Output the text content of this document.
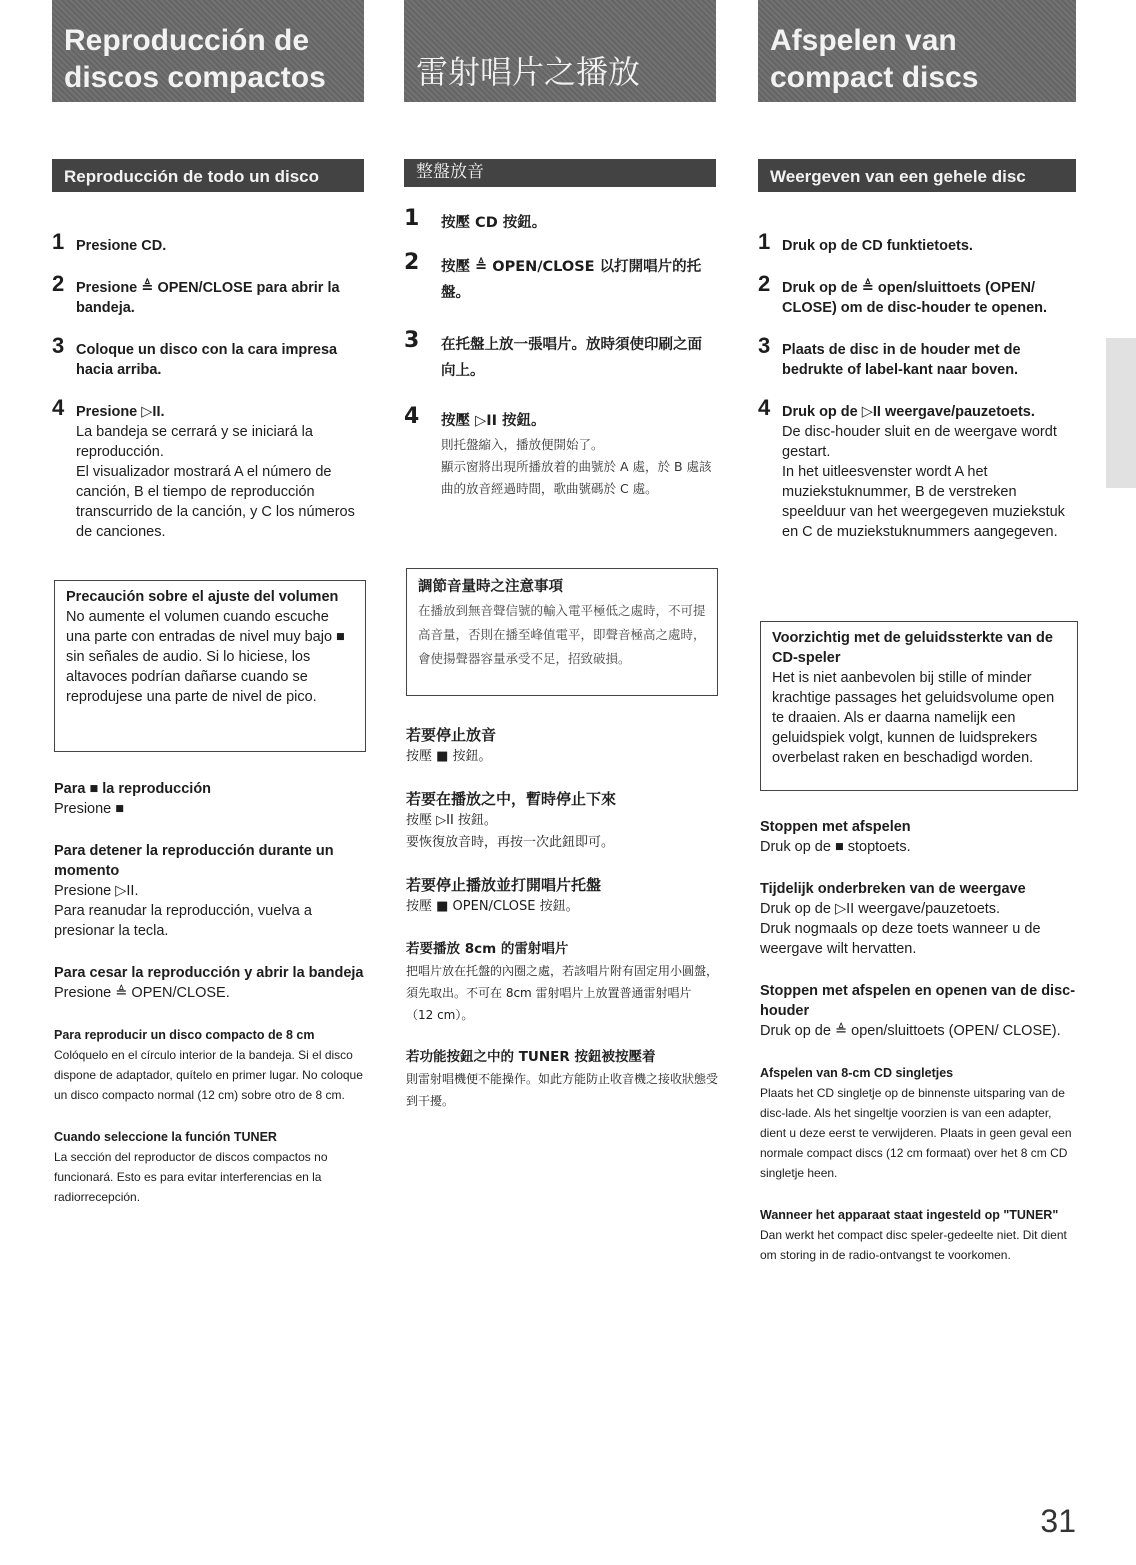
Reproducción de discos compactos
Reproducción de todo un disco
1 Presione CD.
2 Presione ≜ OPEN/CLOSE para abrir la bandeja.
3 Coloque un disco con la cara impresa hacia arriba.
4 Presione ▷II.
La bandeja se cerrará y se iniciará la reproducción.
El visualizador mostrará A el número de canción, B el tiempo de reproducción transcurrido de la canción, y C los números de canciones.
Precaución sobre el ajuste del volumen
No aumente el volumen cuando escuche una parte con entradas de nivel muy bajo ■ sin señales de audio. Si lo hiciese, los altavoces podrían dañarse cuando se reprodujese una parte de nivel de pico.
Para ■ la reproducción
Presione ■
Para detener la reproducción durante un momento
Presione ▷II.
Para reanudar la reproducción, vuelva a presionar la tecla.
Para cesar la reproducción y abrir la bandeja
Presione ≜ OPEN/CLOSE.
Para reproducir un disco compacto de 8 cm
Colóquelo en el círculo interior de la bandeja. Si el disco dispone de adaptador, quítelo en primer lugar. No coloque un disco compacto normal (12 cm) sobre otro de 8 cm.
Cuando seleccione la función TUNER
La sección del reproductor de discos compactos no funcionará. Esto es para evitar interferencias en la radiorrecepción.
雷射唱片之播放
整盤放音
1 按壓 CD 按鈕。
2 按壓 ≜ OPEN/CLOSE 以打開唱片的托盤。
3 在托盤上放一張唱片。放時須使印刷之面向上。
4 按壓 ▷II 按鈕。
則托盤縮入，播放便開始了。
顯示窗將出現所播放着的曲號於 A 處，於 B 處該曲的放音經過時間，歌曲號碼於 C 處。
調節音量時之注意事項
在播放到無音聲信號的輸入電平極低之處時，不可提高音量，否則在播至峰值電平，即聲音極高之處時，會使揚聲器容量承受不足，招致破損。
若要停止放音
按壓 ■ 按鈕。
若要在播放之中，暫時停止下來
按壓 ▷II 按鈕。
要恢復放音時，再按一次此鈕即可。
若要停止播放並打開唱片托盤
按壓 ■ OPEN/CLOSE 按鈕。
若要播放 8cm 的雷射唱片
把唱片放在托盤的內圈之處，若該唱片附有固定用小圓盤，須先取出。不可在 8cm 雷射唱片上放置普通雷射唱片（12 cm）。
若功能按鈕之中的 TUNER 按鈕被按壓着
則雷射唱機便不能操作。如此方能防止收音機之接收狀態受到干擾。
Afspelen van compact discs
Weergeven van een gehele disc
1 Druk op de CD funktietoets.
2 Druk op de ≜ open/sluittoets (OPEN/ CLOSE) om de disc-houder te openen.
3 Plaats de disc in de houder met de bedrukte of label-kant naar boven.
4 Druk op de ▷II weergave/pauzetoets.
De disc-houder sluit en de weergave wordt gestart.
In het uitleesvenster wordt A het muziekstuknummer, B de verstreken speelduur van het weergegeven muziekstuk en C de muziekstuknummers aangegeven.
Voorzichtig met de geluidssterkte van de CD-speler
Het is niet aanbevolen bij stille of minder krachtige passages het geluidsvolume open te draaien. Als er daarna namelijk een geluidspiek volgt, kunnen de luidsprekers overbelast raken en beschadigd worden.
Stoppen met afspelen
Druk op de ■ stoptoets.
Tijdelijk onderbreken van de weergave
Druk op de ▷II weergave/pauzetoets.
Druk nogmaals op deze toets wanneer u de weergave wilt hervatten.
Stoppen met afspelen en openen van de disc-houder
Druk op de ≜ open/sluittoets (OPEN/ CLOSE).
Afspelen van 8-cm CD singletjes
Plaats het CD singletje op de binnenste uitsparing van de disc-lade. Als het singeltje voorzien is van een adapter, dient u deze eerst te verwijderen. Plaats in geen geval een normale compact discs (12 cm formaat) over het 8 cm CD singletje heen.
Wanneer het apparaat staat ingesteld op "TUNER"
Dan werkt het compact disc speler-gedeelte niet. Dit dient om storing in de radio-ontvangst te voorkomen.
31
